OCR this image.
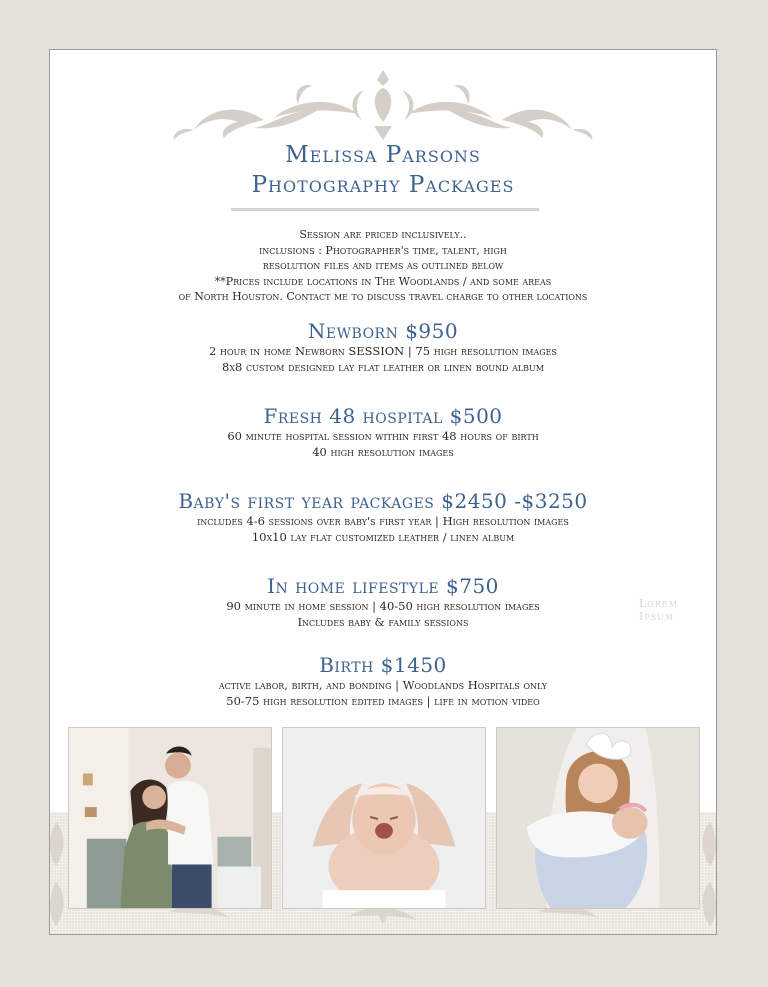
Melissa Parsons
Photography Packages
Session are priced inclusively..
inclusions : Photographer's time, talent, high
resolution files and items as outlined below
**Prices include locations in The Woodlands / and some areas
of North Houston. Contact me to discuss travel charge to other locations
Newborn $950
2 hour in home Newborn SESSION | 75 high resolution images
8x8 custom designed lay flat leather or linen bound album
Fresh 48 hospital $500
60 minute hospital session within first 48 hours of birth
40 high resolution images
Baby's first year packages $2450 -$3250
includes 4-6 sessions over baby's first year | High resolution images
10x10 lay flat customized leather / linen album
In home lifestyle $750
90 minute in home session | 40-50 high resolution images
Includes baby & family sessions
Lorem Ipsum
Birth $1450
active labor, birth, and bonding | Woodlands Hospitals only
50-75 high resolution edited images | life in motion video
